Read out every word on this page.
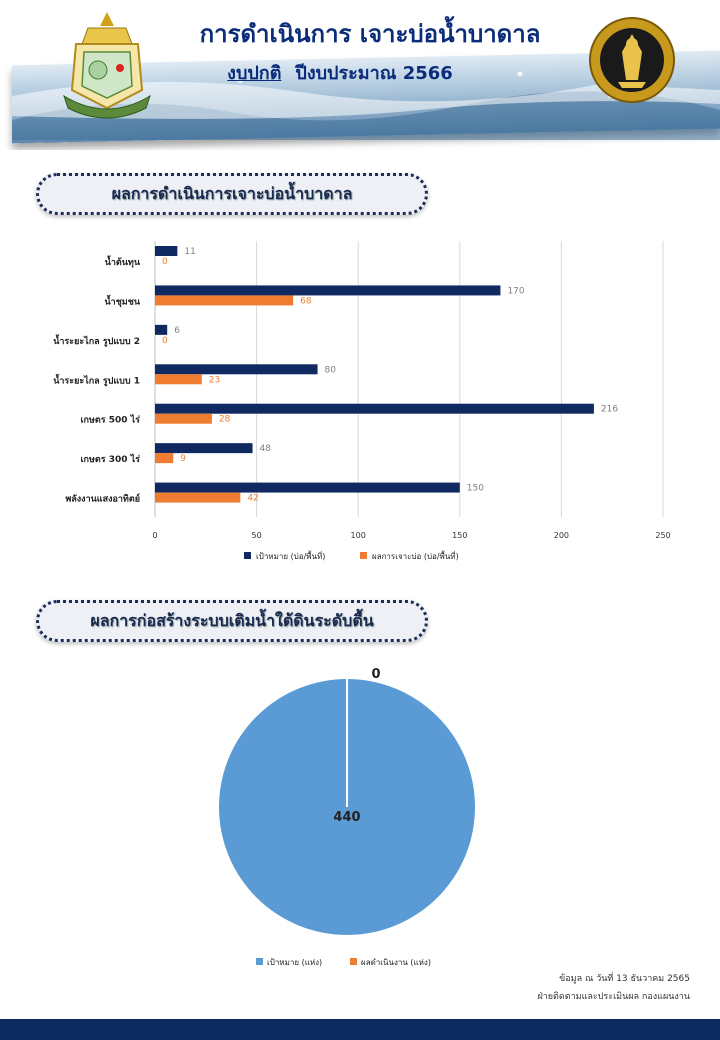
การดำเนินการ เจาะบ่อน้ำบาดาล
งบปกติ ปีงบประมาณ 2566
ผลการดำเนินการเจาะบ่อน้ำบาดาล
0	50	100	150	200	250
น้ำต้นทุน
11
0
น้ำชุมชน
170
68
น้ำระยะไกล รูปแบบ 2
6
0
น้ำระยะไกล รูปแบบ 1
80
23
เกษตร 500 ไร่
216
28
เกษตร 300 ไร่
48
9
พลังงานแสงอาทิตย์
150
42
เป้าหมาย (บ่อ/พื้นที่)	ผลการเจาะบ่อ (บ่อ/พื้นที่)
ผลการก่อสร้างระบบเติมน้ำใต้ดินระดับตื้น
440
0
เป้าหมาย (แห่ง)	ผลดำเนินงาน (แห่ง)
ข้อมูล ณ วันที่ 13 ธันวาคม 2565
ฝ่ายติดตามและประเมินผล กองแผนงาน
